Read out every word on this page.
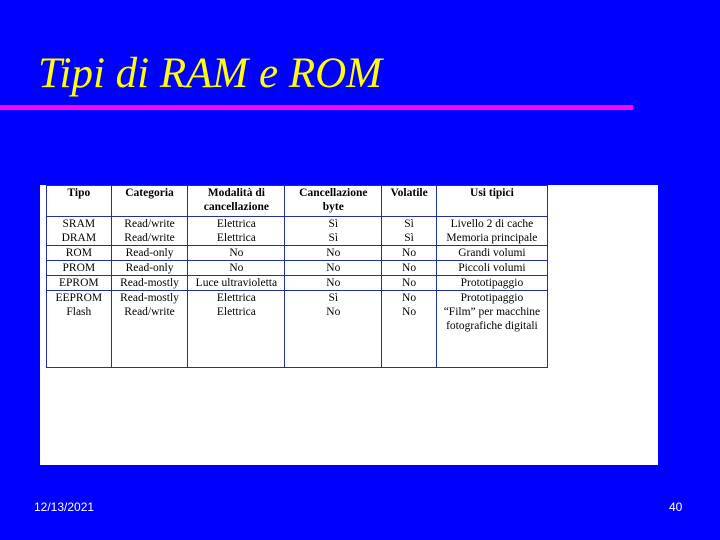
Tipi di RAM e ROM
Tipo	Categoria	Modalità di cancellazione	Cancellazione byte	Volatile	Usi tipici
SRAM	Read/write	Elettrica	Sì	Sì	Livello 2 di cache
DRAM	Read/write	Elettrica	Sì	Sì	Memoria principale
ROM	Read-only	No	No	No	Grandi volumi
PROM	Read-only	No	No	No	Piccoli volumi
EPROM	Read-mostly	Luce ultravioletta	No	No	Prototipaggio
EEPROM	Read-mostly	Elettrica	Sì	No	Prototipaggio
Flash	Read/write	Elettrica	No	No	“Film” per macchine fotografiche digitali
12/13/2021	40
